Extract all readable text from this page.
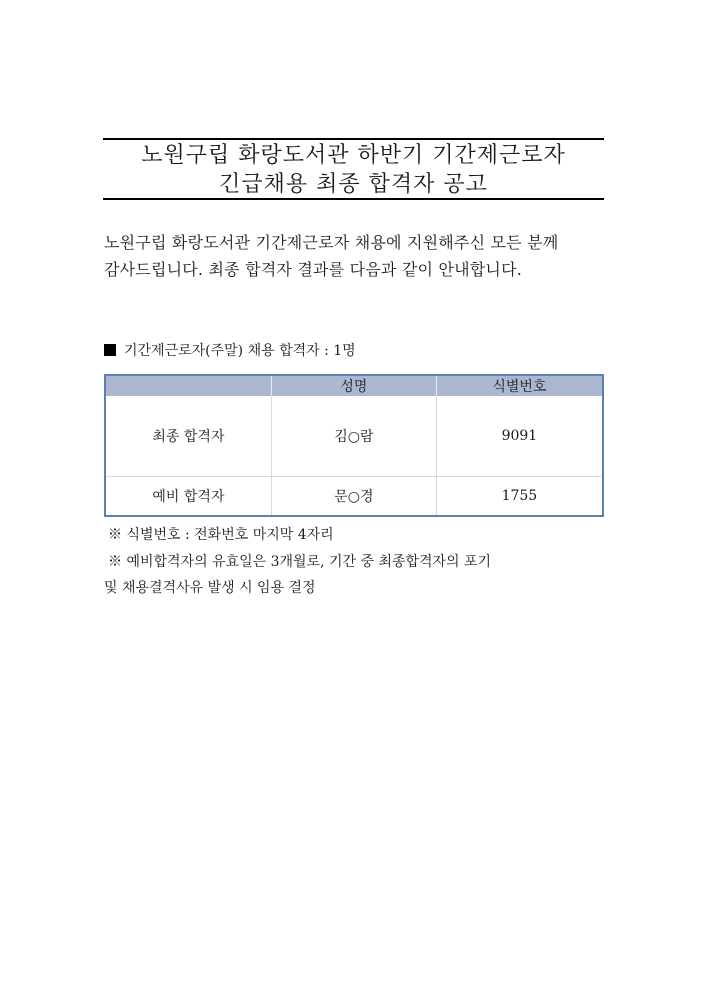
노원구립 화랑도서관 하반기 기간제근로자
긴급채용 최종 합격자 공고
노원구립 화랑도서관 기간제근로자 채용에 지원해주신 모든 분께
감사드립니다. 최종 합격자 결과를 다음과 같이 안내합니다.
기간제근로자(주말) 채용 합격자 : 1명
	성명	식별번호
최종 합격자	김○람	9091
예비 합격자	문○경	1755
※ 식별번호 : 전화번호 마지막 4자리
※ 예비합격자의 유효일은 3개월로, 기간 중 최종합격자의 포기
및 채용결격사유 발생 시 임용 결정
